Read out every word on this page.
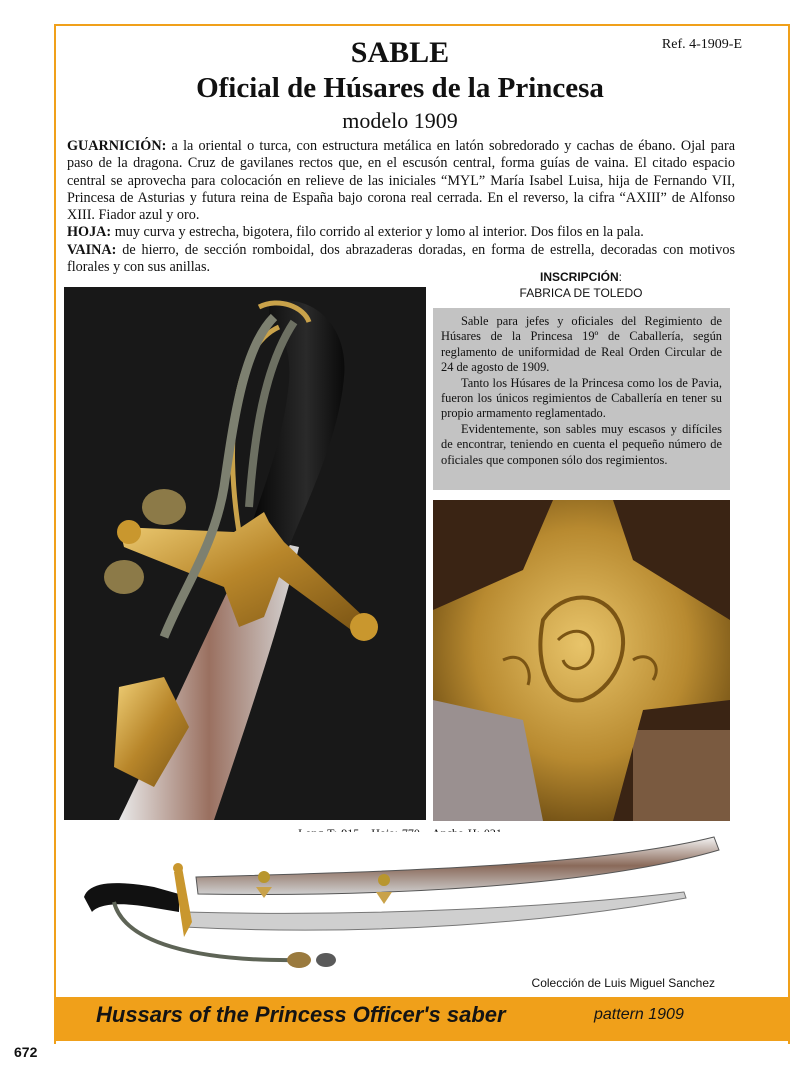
Ref. 4-1909-E
SABLE
Oficial de Húsares de la Princesa
modelo 1909
GUARNICIÓN: a la oriental o turca, con estructura metálica en latón sobredorado y cachas de ébano. Ojal para paso de la dragona. Cruz de gavilanes rectos que, en el escusón central, forma guías de vaina. El citado espacio central se aprovecha para colocación en relieve de las iniciales “MYL” María Isabel Luisa, hija de Fernando VII, Princesa de Asturias y futura reina de España bajo corona real cerrada. En el reverso, la cifra “AXIII” de Alfonso XIII. Fiador azul y oro.
HOJA: muy curva y estrecha, bigotera, filo corrido al exterior y lomo al interior. Dos filos en la pala.
VAINA: de hierro, de sección romboidal, dos abrazaderas doradas, en forma de estrella, decoradas con motivos florales y con sus anillas.
INSCRIPCIÓN:
FABRICA DE TOLEDO

Sable para jefes y oficiales del Regimiento de Húsares de la Princesa 19º de Caballería, según reglamento de uniformidad de Real Orden Circular de 24 de agosto de 1909.

Tanto los Húsares de la Princesa como los de Pavia, fueron los únicos regimientos de Caballería en tener su propio armamento reglamentado.

Evidentemente, son sables muy escasos y difíciles de encontrar, teniendo en cuenta el pequeño número de oficiales que componen sólo dos regimientos.

Colección de Luis Miguel Sanchez
Hussars of the Princess Officer's saber	pattern 1909
672
